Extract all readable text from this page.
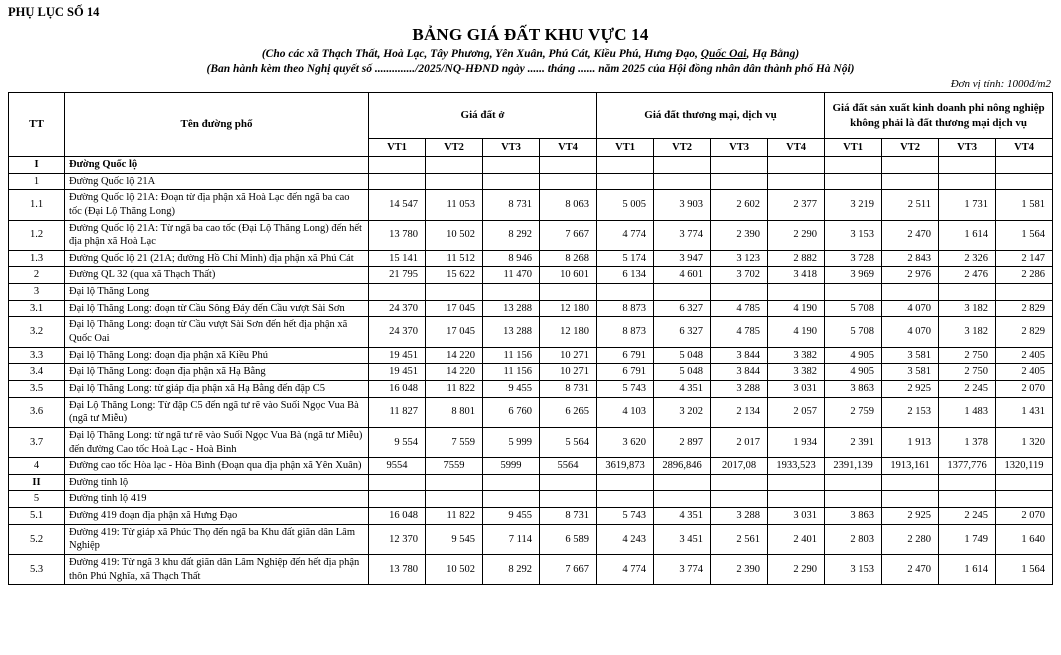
PHỤ LỤC SỐ 14
BẢNG GIÁ ĐẤT KHU VỰC 14
(Cho các xã Thạch Thất, Hoà Lạc, Tây Phương, Yên Xuân, Phú Cát, Kiều Phú, Hưng Đạo, Quốc Oai, Hạ Bằng)
(Ban hành kèm theo Nghị quyết số ............../2025/NQ-HĐND ngày ...... tháng ...... năm 2025 của Hội đồng nhân dân thành phố Hà Nội)
Đơn vị tính: 1000đ/m2
TT	Tên đường phố	Giá đất ở				Giá đất thương mại, dịch vụ				Giá đất sản xuất kinh doanh phi nông nghiệp không phải là đất thương mại dịch vụ			
		VT1	VT2	VT3	VT4	VT1	VT2	VT3	VT4	VT1	VT2	VT3	VT4
I	Đường Quốc lộ												
1	Đường Quốc lộ 21A												
1.1	Đường Quốc lộ 21A: Đoạn từ địa phận xã Hoà Lạc đến ngã ba cao tốc (Đại Lộ Thăng Long)	14 547	11 053	8 731	8 063	5 005	3 903	2 602	2 377	3 219	2 511	1 731	1 581
1.2	Đường Quốc lộ 21A: Từ ngã ba cao tốc (Đại Lộ Thăng Long) đến hết địa phận xã Hoà Lạc	13 780	10 502	8 292	7 667	4 774	3 774	2 390	2 290	3 153	2 470	1 614	1 564
1.3	Đường Quốc lộ 21 (21A; đường Hồ Chí Minh) địa phận xã Phú Cát	15 141	11 512	8 946	8 268	5 174	3 947	3 123	2 882	3 728	2 843	2 326	2 147
2	Đường QL 32 (qua xã Thạch Thất)	21 795	15 622	11 470	10 601	6 134	4 601	3 702	3 418	3 969	2 976	2 476	2 286
3	Đại lộ Thăng Long												
3.1	Đại lộ Thăng Long: đoạn từ Cầu Sông Đáy đến Cầu vượt Sài Sơn	24 370	17 045	13 288	12 180	8 873	6 327	4 785	4 190	5 708	4 070	3 182	2 829
3.2	Đại lộ Thăng Long: đoạn từ Cầu vượt Sài Sơn đến hết địa phận xã Quốc Oai	24 370	17 045	13 288	12 180	8 873	6 327	4 785	4 190	5 708	4 070	3 182	2 829
3.3	Đại lộ Thăng Long: đoạn địa phận xã Kiều Phú	19 451	14 220	11 156	10 271	6 791	5 048	3 844	3 382	4 905	3 581	2 750	2 405
3.4	Đại lộ Thăng Long: đoạn địa phận xã Hạ Bằng	19 451	14 220	11 156	10 271	6 791	5 048	3 844	3 382	4 905	3 581	2 750	2 405
3.5	Đại lộ Thăng Long: từ giáp địa phận xã Hạ Bằng đến đập C5	16 048	11 822	9 455	8 731	5 743	4 351	3 288	3 031	3 863	2 925	2 245	2 070
3.6	Đại Lộ Thăng Long: Từ đập C5 đến ngã tư rẽ vào Suối Ngọc Vua Bà (ngã tư Miễu)	11 827	8 801	6 760	6 265	4 103	3 202	2 134	2 057	2 759	2 153	1 483	1 431
3.7	Đại lộ Thăng Long: từ ngã tư rẽ vào Suối Ngọc Vua Bà (ngã tư Miễu) đến đường Cao tốc Hoà Lạc - Hoà Bình	9 554	7 559	5 999	5 564	3 620	2 897	2 017	1 934	2 391	1 913	1 378	1 320
4	Đường cao tốc Hòa lạc - Hòa Bình (Đoạn qua địa phận xã Yên Xuân)	9554	7559	5999	5564	3619,873	2896,846	2017,08	1933,523	2391,139	1913,161	1377,776	1320,119
II	Đường tỉnh lộ												
5	Đường tỉnh lộ 419												
5.1	Đường 419 đoạn địa phận xã Hưng Đạo	16 048	11 822	9 455	8 731	5 743	4 351	3 288	3 031	3 863	2 925	2 245	2 070
5.2	Đường 419: Từ giáp xã Phúc Thọ đến ngã ba Khu đất giãn dân Lâm Nghiệp	12 370	9 545	7 114	6 589	4 243	3 451	2 561	2 401	2 803	2 280	1 749	1 640
5.3	Đường 419: Từ ngã 3 khu đất giãn dân Lâm Nghiệp đến hết địa phận thôn Phú Nghĩa, xã Thạch Thất	13 780	10 502	8 292	7 667	4 774	3 774	2 390	2 290	3 153	2 470	1 614	1 564
